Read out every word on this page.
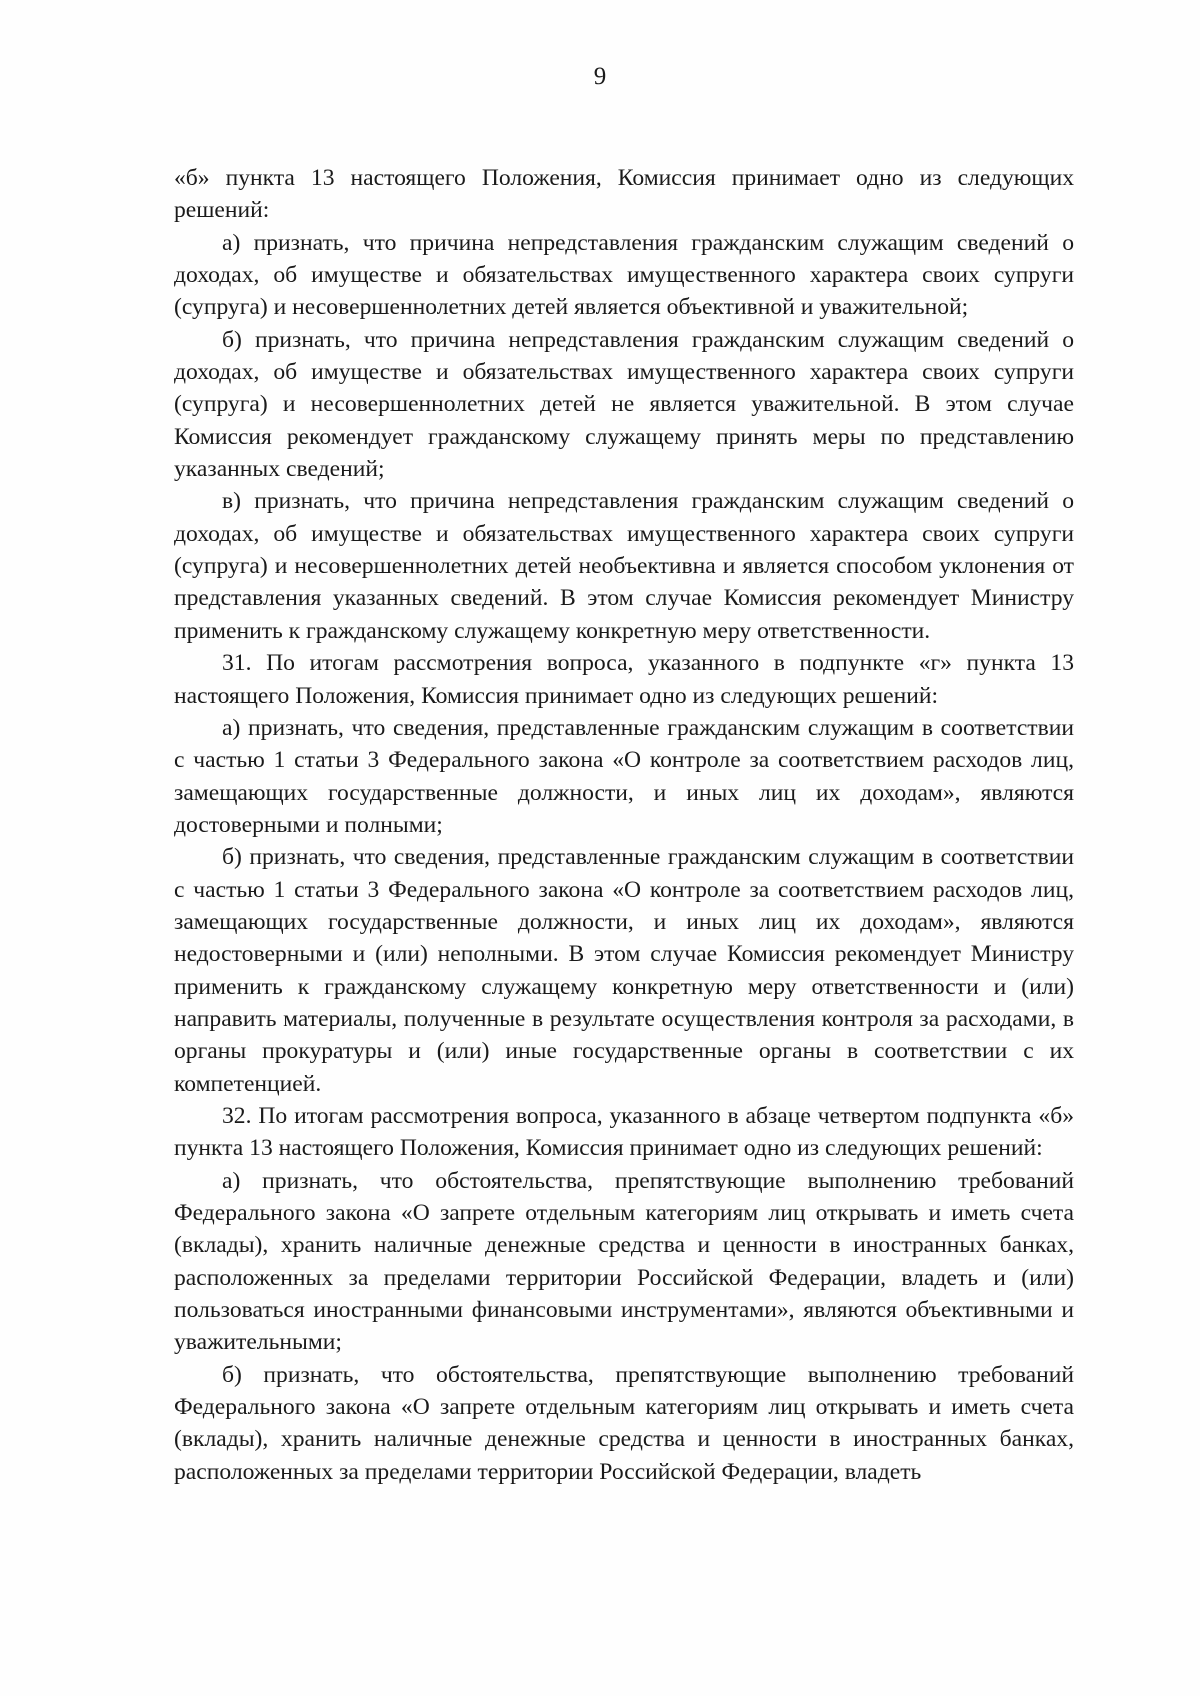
9

«б» пункта 13 настоящего Положения, Комиссия принимает одно из следующих решений:

а) признать, что причина непредставления гражданским служащим сведений о доходах, об имуществе и обязательствах имущественного характера своих супруги (супруга) и несовершеннолетних детей является объективной и уважительной;

б) признать, что причина непредставления гражданским служащим сведений о доходах, об имуществе и обязательствах имущественного характера своих супруги (супруга) и несовершеннолетних детей не является уважительной. В этом случае Комиссия рекомендует гражданскому служащему принять меры по представлению указанных сведений;

в) признать, что причина непредставления гражданским служащим сведений о доходах, об имуществе и обязательствах имущественного характера своих супруги (супруга) и несовершеннолетних детей необъективна и является способом уклонения от представления указанных сведений. В этом случае Комиссия рекомендует Министру применить к гражданскому служащему конкретную меру ответственности.

31. По итогам рассмотрения вопроса, указанного в подпункте «г» пункта 13 настоящего Положения, Комиссия принимает одно из следующих решений:

а) признать, что сведения, представленные гражданским служащим в соответствии с частью 1 статьи 3 Федерального закона «О контроле за соответствием расходов лиц, замещающих государственные должности, и иных лиц их доходам», являются достоверными и полными;

б) признать, что сведения, представленные гражданским служащим в соответствии с частью 1 статьи 3 Федерального закона «О контроле за соответствием расходов лиц, замещающих государственные должности, и иных лиц их доходам», являются недостоверными и (или) неполными. В этом случае Комиссия рекомендует Министру применить к гражданскому служащему конкретную меру ответственности и (или) направить материалы, полученные в результате осуществления контроля за расходами, в органы прокуратуры и (или) иные государственные органы в соответствии с их компетенцией.

32. По итогам рассмотрения вопроса, указанного в абзаце четвертом подпункта «б» пункта 13 настоящего Положения, Комиссия принимает одно из следующих решений:

а) признать, что обстоятельства, препятствующие выполнению требований Федерального закона «О запрете отдельным категориям лиц открывать и иметь счета (вклады), хранить наличные денежные средства и ценности в иностранных банках, расположенных за пределами территории Российской Федерации, владеть и (или) пользоваться иностранными финансовыми инструментами», являются объективными и уважительными;

б) признать, что обстоятельства, препятствующие выполнению требований Федерального закона «О запрете отдельным категориям лиц открывать и иметь счета (вклады), хранить наличные денежные средства и ценности в иностранных банках, расположенных за пределами территории Российской Федерации, владеть
